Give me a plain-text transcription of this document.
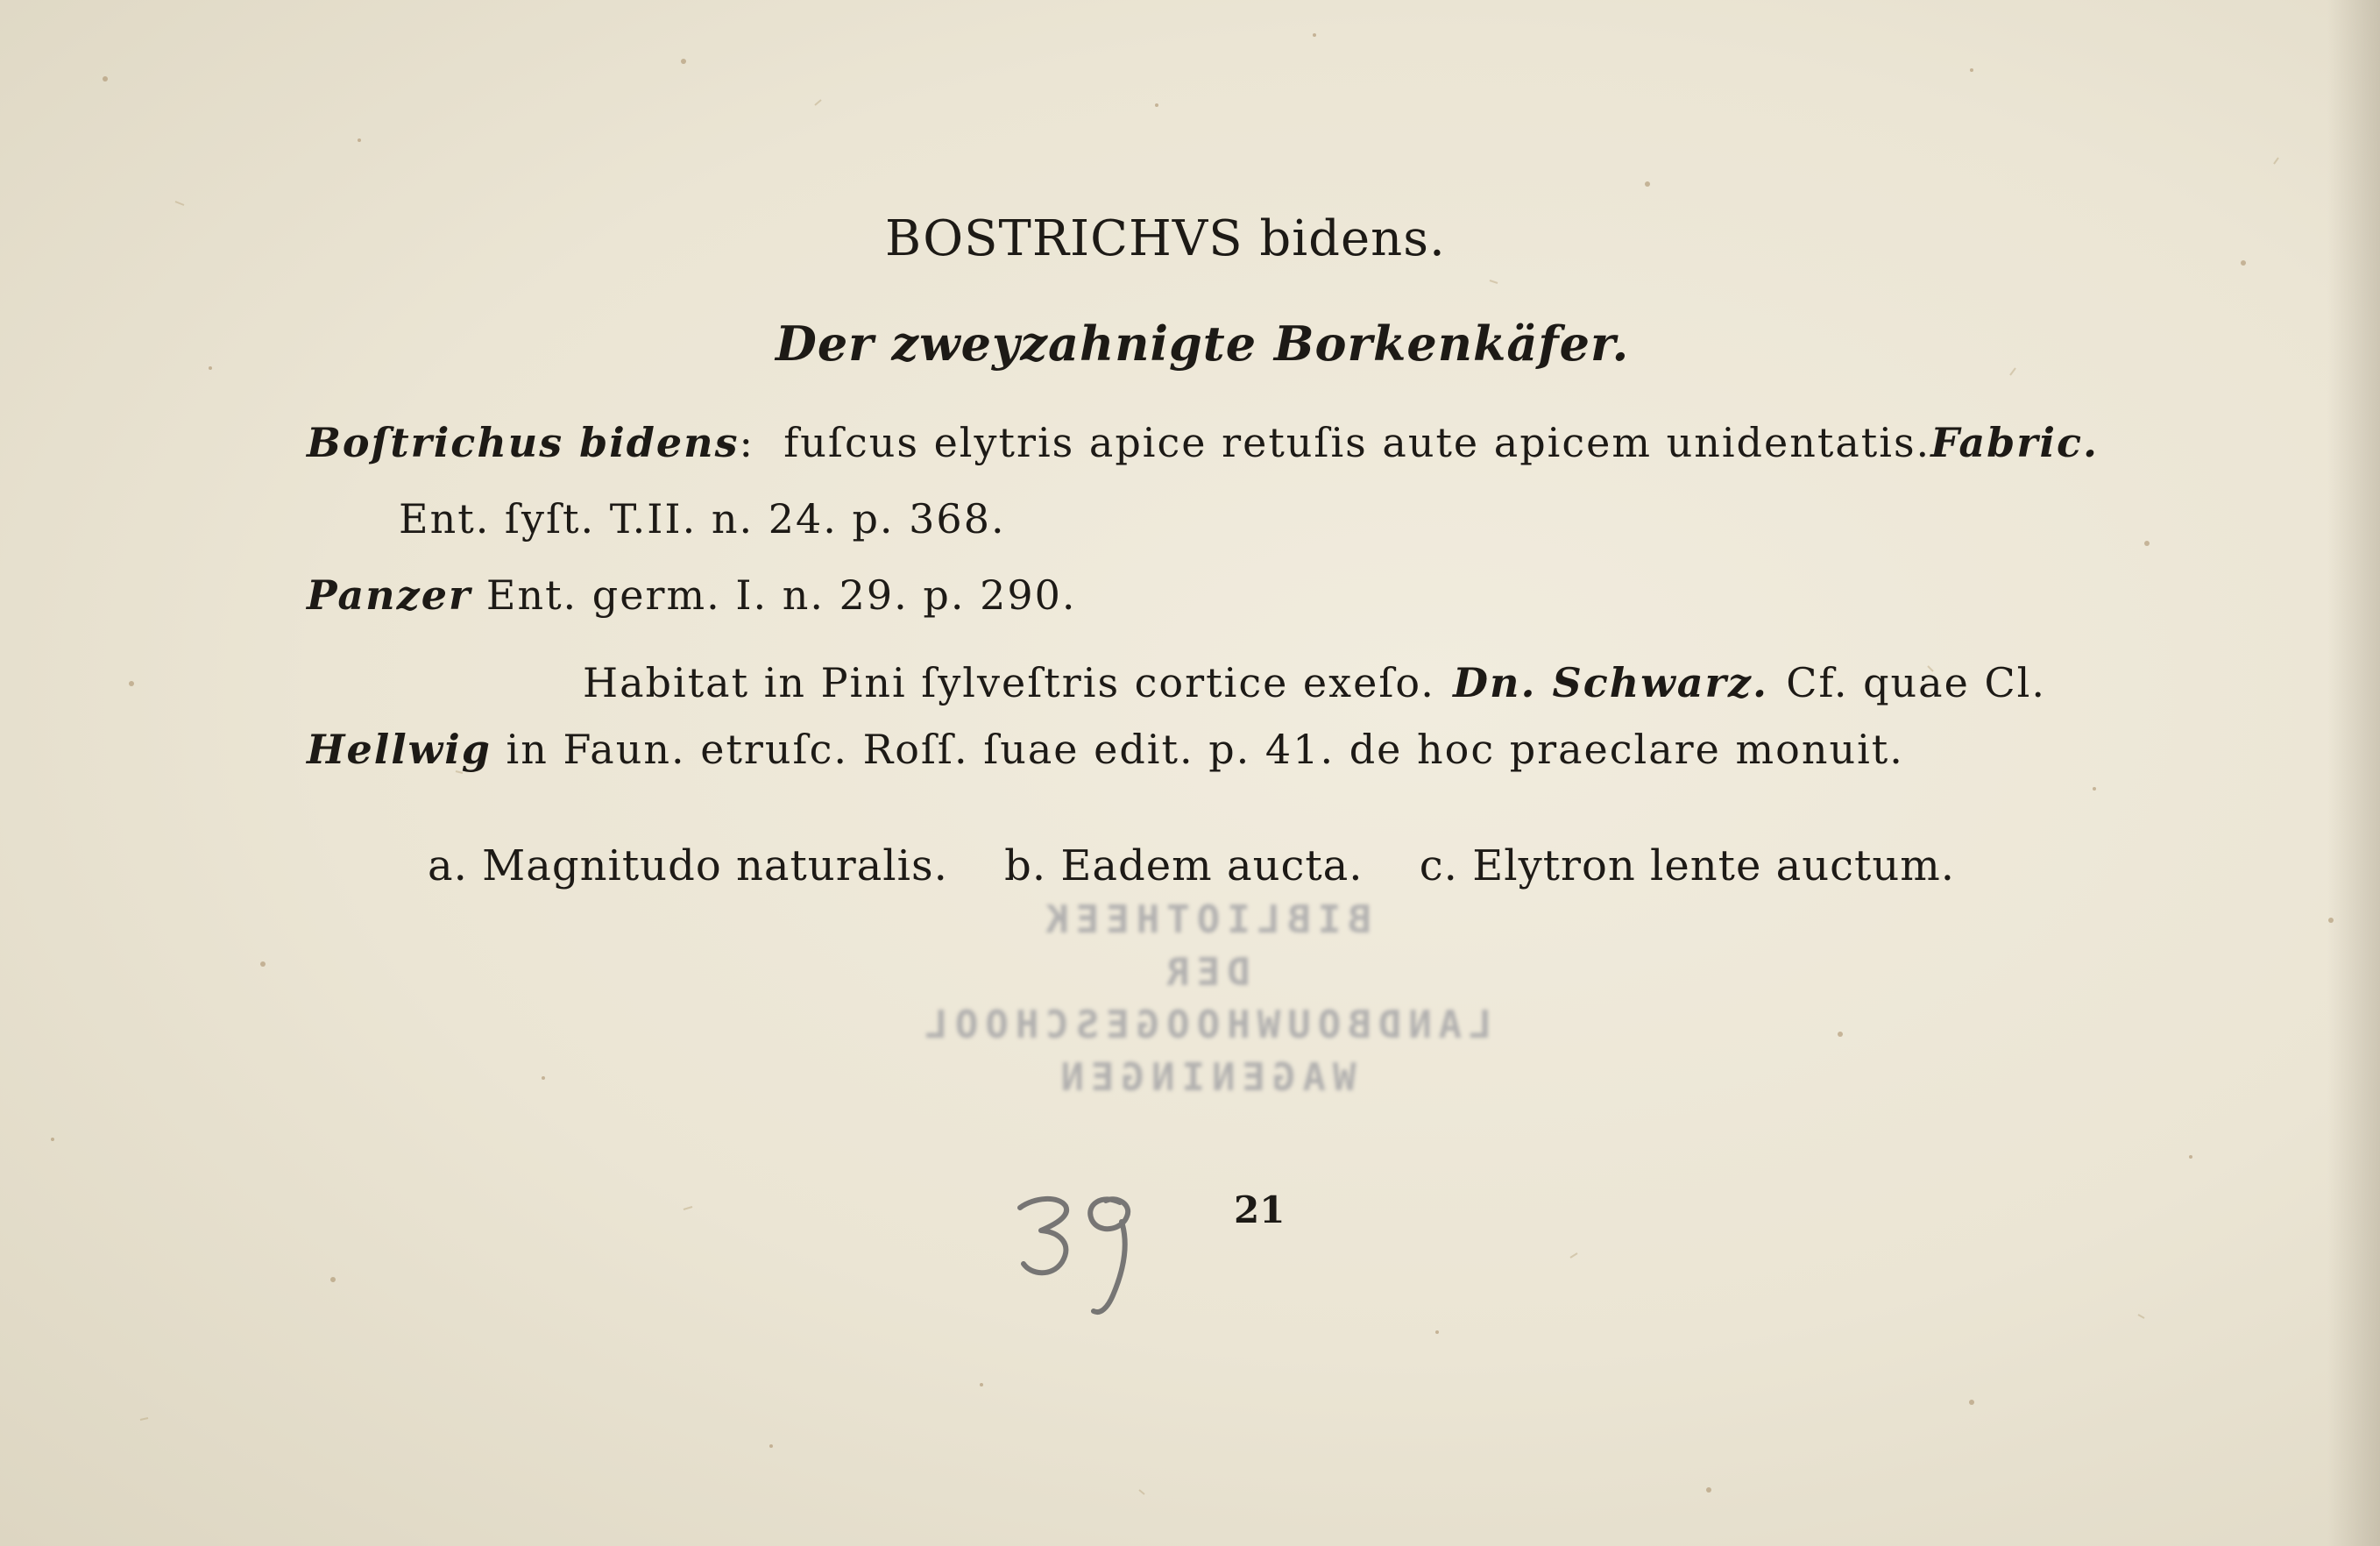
BOSTRICHVS bidens.
Der zweyzahnigte Borkenkäfer.
Boſtrichus bidens: fuſcus elytris apice retuſis aute apicem unidentatis. Fabric.
Ent. ſyſt. T.II. n. 24. p. 368.
Panzer Ent. germ. I. n. 29. p. 290.
Habitat in Pini ſylveſtris cortice exeſo. Dn. Schwarz. Cf. quae Cl.
Hellwig in Faun. etruſc. Roſſ. ſuae edit. p. 41. de hoc praeclare monuit.
a. Magnitudo naturalis. b. Eadem aucta. c. Elytron lente auctum.
BIBLIOTHEEK
DER
LANDBOUWHOOGESCHOOL
WAGENINGEN
21
